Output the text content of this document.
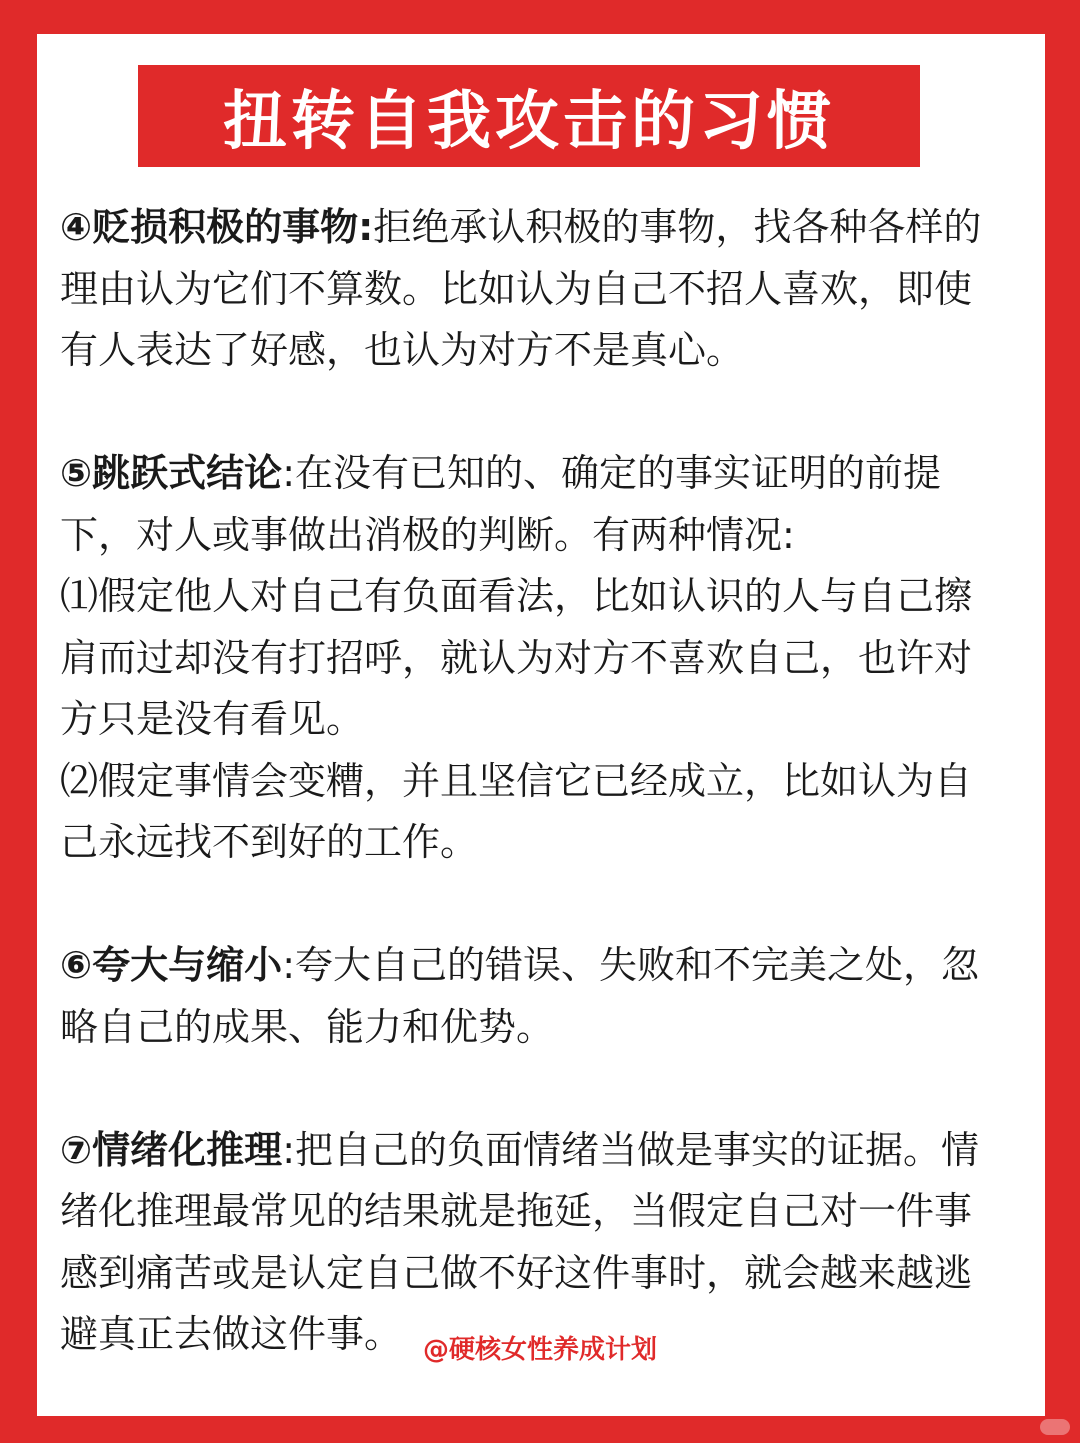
扭转自我攻击的习惯

④贬损积极的事物:拒绝承认积极的事物，找各种各样的理由认为它们不算数。比如认为自己不招人喜欢，即使有人表达了好感，也认为对方不是真心。

⑤跳跃式结论:在没有已知的、确定的事实证明的前提下，对人或事做出消极的判断。有两种情况:

⑴假定他人对自己有负面看法，比如认识的人与自己擦肩而过却没有打招呼，就认为对方不喜欢自己，也许对方只是没有看见。

⑵假定事情会变糟，并且坚信它已经成立，比如认为自己永远找不到好的工作。

⑥夸大与缩小:夸大自己的错误、失败和不完美之处，忽略自己的成果、能力和优势。

⑦情绪化推理:把自己的负面情绪当做是事实的证据。情绪化推理最常见的结果就是拖延，当假定自己对一件事感到痛苦或是认定自己做不好这件事时，就会越来越逃避真正去做这件事。 @硬核女性养成计划
